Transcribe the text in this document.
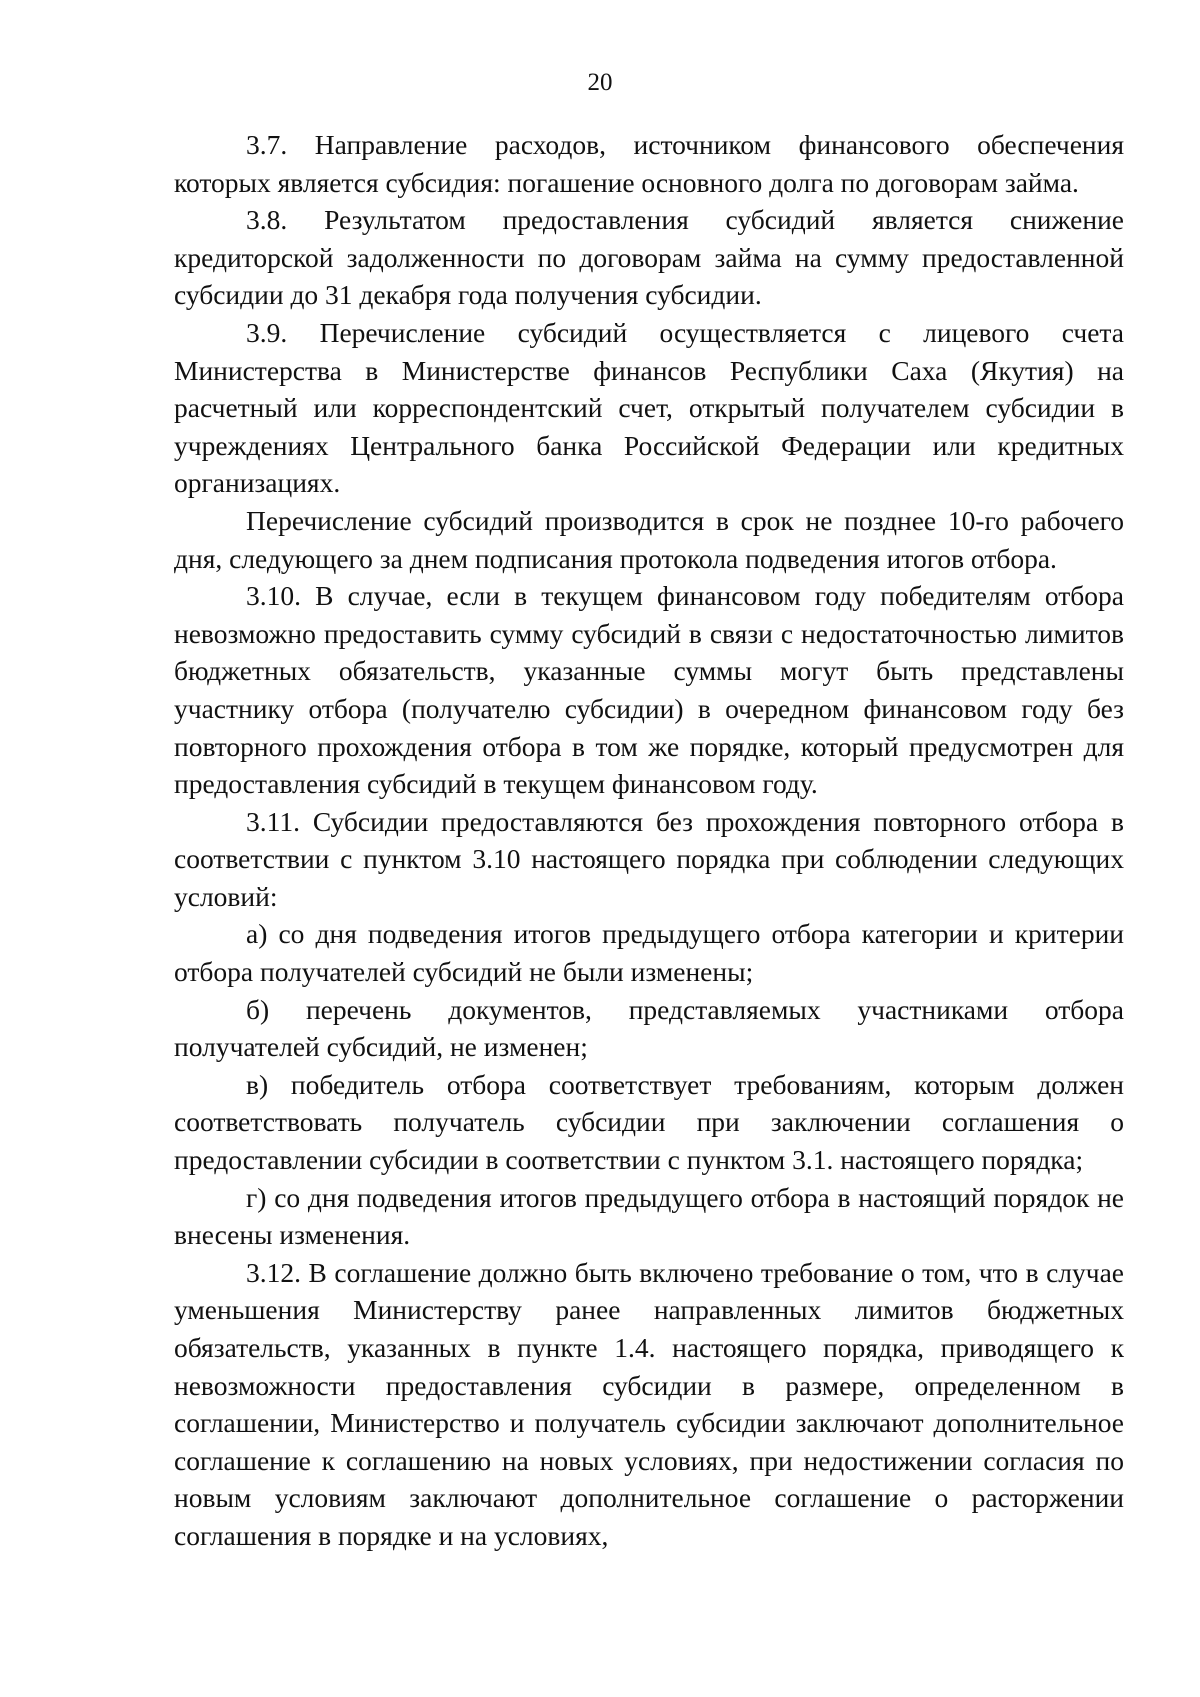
20

3.7. Направление расходов, источником финансового обеспечения которых является субсидия: погашение основного долга по договорам займа.

3.8. Результатом предоставления субсидий является снижение кредиторской задолженности по договорам займа на сумму предоставленной субсидии до 31 декабря года получения субсидии.

3.9. Перечисление субсидий осуществляется с лицевого счета Министерства в Министерстве финансов Республики Саха (Якутия) на расчетный или корреспондентский счет, открытый получателем субсидии в учреждениях Центрального банка Российской Федерации или кредитных организациях.

Перечисление субсидий производится в срок не позднее 10-го рабочего дня, следующего за днем подписания протокола подведения итогов отбора.

3.10. В случае, если в текущем финансовом году победителям отбора невозможно предоставить сумму субсидий в связи с недостаточностью лимитов бюджетных обязательств, указанные суммы могут быть представлены участнику отбора (получателю субсидии) в очередном финансовом году без повторного прохождения отбора в том же порядке, который предусмотрен для предоставления субсидий в текущем финансовом году.

3.11. Субсидии предоставляются без прохождения повторного отбора в соответствии с пунктом 3.10 настоящего порядка при соблюдении следующих условий:

а) со дня подведения итогов предыдущего отбора категории и критерии отбора получателей субсидий не были изменены;

б) перечень документов, представляемых участниками отбора получателей субсидий, не изменен;

в) победитель отбора соответствует требованиям, которым должен соответствовать получатель субсидии при заключении соглашения о предоставлении субсидии в соответствии с пунктом 3.1. настоящего порядка;

г) со дня подведения итогов предыдущего отбора в настоящий порядок не внесены изменения.

3.12. В соглашение должно быть включено требование о том, что в случае уменьшения Министерству ранее направленных лимитов бюджетных обязательств, указанных в пункте 1.4. настоящего порядка, приводящего к невозможности предоставления субсидии в размере, определенном в соглашении, Министерство и получатель субсидии заключают дополнительное соглашение к соглашению на новых условиях, при недостижении согласия по новым условиям заключают дополнительное соглашение о расторжении соглашения в порядке и на условиях,
